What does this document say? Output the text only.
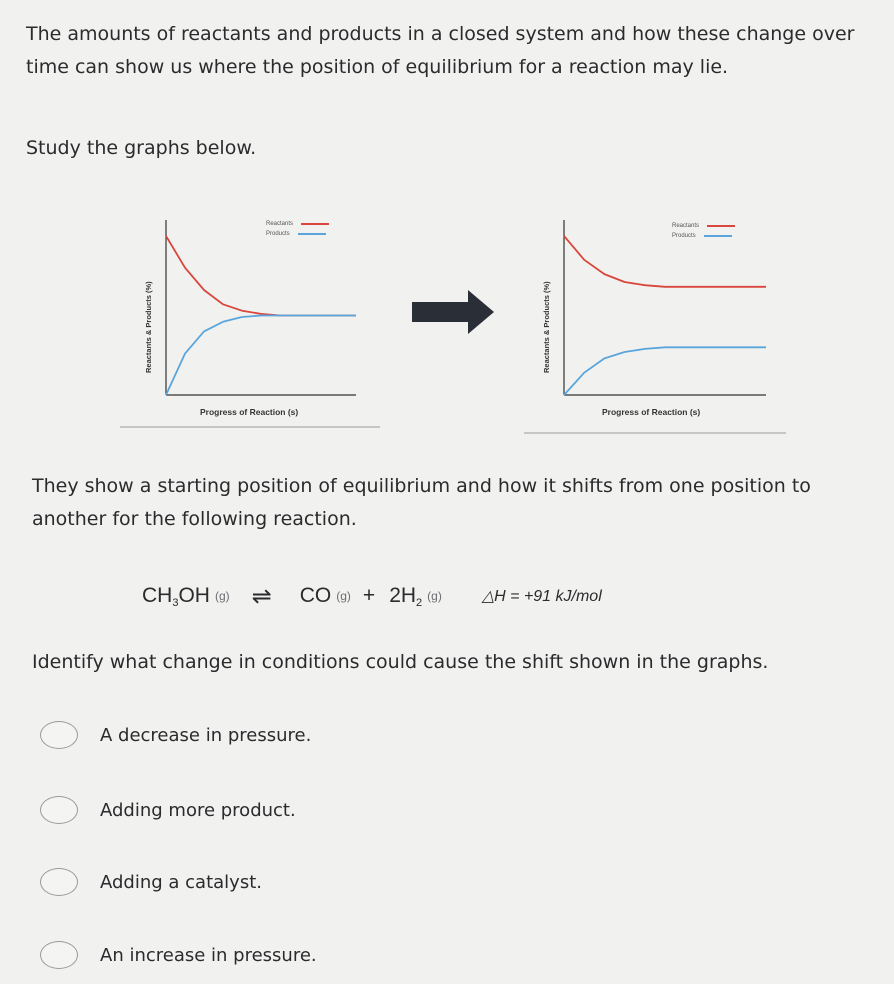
The amounts of reactants and products in a closed system and how these change over time can show us where the position of equilibrium for a reaction may lie.

Study the graphs below.

Reactants & Products (%)
Progress of Reaction (s)
Reactants
Products
Reactants & Products (%)
Progress of Reaction (s)
Reactants
Products

They show a starting position of equilibrium and how it shifts from one position to another for the following reaction.

$CH_3OH$ (g) ⇌ CO $(g) + 2H_2$ (g)	△H = +91 kJ/mol

Identify what change in conditions could cause the shift shown in the graphs.

A decrease in pressure.
Adding more product.
Adding a catalyst.
An increase in pressure.
